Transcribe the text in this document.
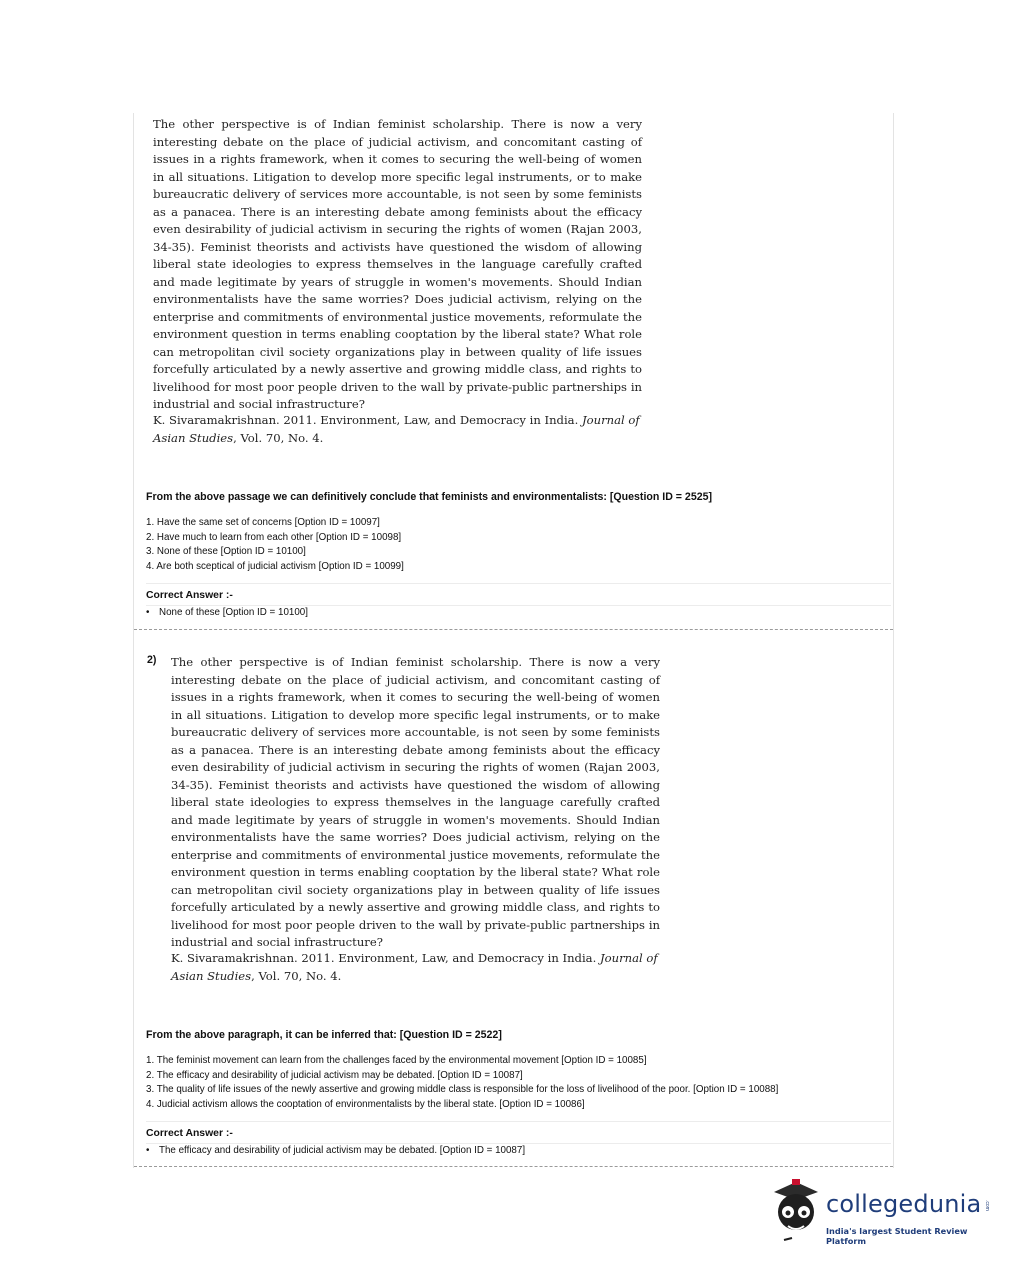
The other perspective is of Indian feminist scholarship. There is now a very interesting debate on the place of judicial activism, and concomitant casting of issues in a rights framework, when it comes to securing the well-being of women in all situations. Litigation to develop more specific legal instruments, or to make bureaucratic delivery of services more accountable, is not seen by some feminists as a panacea. There is an interesting debate among feminists about the efficacy even desirability of judicial activism in securing the rights of women (Rajan 2003, 34-35). Feminist theorists and activists have questioned the wisdom of allowing liberal state ideologies to express themselves in the language carefully crafted and made legitimate by years of struggle in women's movements. Should Indian environmentalists have the same worries? Does judicial activism, relying on the enterprise and commitments of environmental justice movements, reformulate the environment question in terms enabling cooptation by the liberal state? What role can metropolitan civil society organizations play in between quality of life issues forcefully articulated by a newly assertive and growing middle class, and rights to livelihood for most poor people driven to the wall by private-public partnerships in industrial and social infrastructure?

K. Sivaramakrishnan. 2011. Environment, Law, and Democracy in India. Journal of Asian Studies, Vol. 70, No. 4.
From the above passage we can definitively conclude that feminists and environmentalists: [Question ID = 2525]
1. Have the same set of concerns [Option ID = 10097]
2. Have much to learn from each other [Option ID = 10098]
3. None of these [Option ID = 10100]
4. Are both sceptical of judicial activism [Option ID = 10099]
Correct Answer :-
• None of these [Option ID = 10100]
2) The other perspective is of Indian feminist scholarship. There is now a very interesting debate on the place of judicial activism, and concomitant casting of issues in a rights framework, when it comes to securing the well-being of women in all situations. Litigation to develop more specific legal instruments, or to make bureaucratic delivery of services more accountable, is not seen by some feminists as a panacea. There is an interesting debate among feminists about the efficacy even desirability of judicial activism in securing the rights of women (Rajan 2003, 34-35). Feminist theorists and activists have questioned the wisdom of allowing liberal state ideologies to express themselves in the language carefully crafted and made legitimate by years of struggle in women's movements. Should Indian environmentalists have the same worries? Does judicial activism, relying on the enterprise and commitments of environmental justice movements, reformulate the environment question in terms enabling cooptation by the liberal state? What role can metropolitan civil society organizations play in between quality of life issues forcefully articulated by a newly assertive and growing middle class, and rights to livelihood for most poor people driven to the wall by private-public partnerships in industrial and social infrastructure?

K. Sivaramakrishnan. 2011. Environment, Law, and Democracy in India. Journal of Asian Studies, Vol. 70, No. 4.
From the above paragraph, it can be inferred that: [Question ID = 2522]
1. The feminist movement can learn from the challenges faced by the environmental movement [Option ID = 10085]
2. The efficacy and desirability of judicial activism may be debated. [Option ID = 10087]
3. The quality of life issues of the newly assertive and growing middle class is responsible for the loss of livelihood of the poor. [Option ID = 10088]
4. Judicial activism allows the cooptation of environmentalists by the liberal state. [Option ID = 10086]
Correct Answer :-
• The efficacy and desirability of judicial activism may be debated. [Option ID = 10087]
collegedunia .com
India's largest Student Review Platform
